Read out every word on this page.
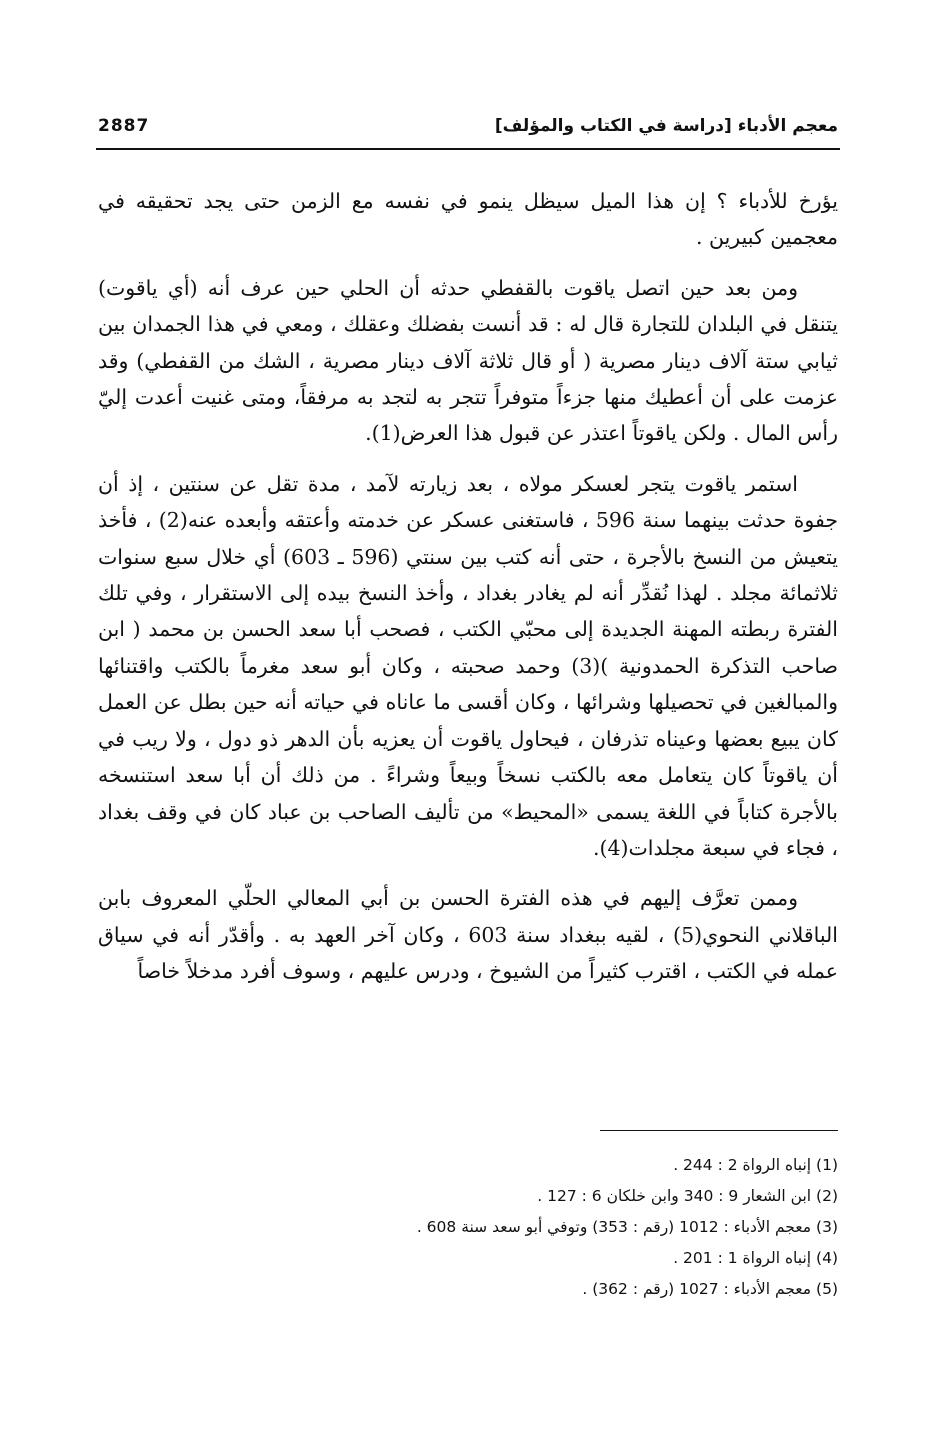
معجم الأدباء [دراسة في الكتاب والمؤلف]
2887

يؤرخ للأدباء ؟ إن هذا الميل سيظل ينمو في نفسه مع الزمن حتى يجد تحقيقه في معجمين كبيرين .

ومن بعد حين اتصل ياقوت بالقفطي حدثه أن الحلي حين عرف أنه (أي ياقوت) يتنقل في البلدان للتجارة قال له : قد أنست بفضلك وعقلك ، ومعي في هذا الجمدان بين ثيابي ستة آلاف دينار مصرية ( أو قال ثلاثة آلاف دينار مصرية ، الشك من القفطي) وقد عزمت على أن أعطيك منها جزءاً متوفراً تتجر به لتجد به مرفقاً، ومتى غنيت أعدت إليّ رأس المال . ولكن ياقوتاً اعتذر عن قبول هذا العرض(1).

استمر ياقوت يتجر لعسكر مولاه ، بعد زيارته لآمد ، مدة تقل عن سنتين ، إذ أن جفوة حدثت بينهما سنة 596 ، فاستغنى عسكر عن خدمته وأعتقه وأبعده عنه(2) ، فأخذ يتعيش من النسخ بالأجرة ، حتى أنه كتب بين سنتي (596 ـ 603) أي خلال سبع سنوات ثلاثمائة مجلد . لهذا نُقدِّر أنه لم يغادر بغداد ، وأخذ النسخ بيده إلى الاستقرار ، وفي تلك الفترة ربطته المهنة الجديدة إلى محبّي الكتب ، فصحب أبا سعد الحسن بن محمد ( ابن صاحب التذكرة الحمدونية )(3) وحمد صحبته ، وكان أبو سعد مغرماً بالكتب واقتنائها والمبالغين في تحصيلها وشرائها ، وكان أقسى ما عاناه في حياته أنه حين بطل عن العمل كان يبيع بعضها وعيناه تذرفان ، فيحاول ياقوت أن يعزيه بأن الدهر ذو دول ، ولا ريب في أن ياقوتاً كان يتعامل معه بالكتب نسخاً وبيعاً وشراءً . من ذلك أن أبا سعد استنسخه بالأجرة كتاباً في اللغة يسمى «المحيط» من تأليف الصاحب بن عباد كان في وقف بغداد ، فجاء في سبعة مجلدات(4).

وممن تعرَّف إليهم في هذه الفترة الحسن بن أبي المعالي الحلّي المعروف بابن الباقلاني النحوي(5) ، لقيه ببغداد سنة 603 ، وكان آخر العهد به . وأقدّر أنه في سياق عمله في الكتب ، اقترب كثيراً من الشيوخ ، ودرس عليهم ، وسوف أفرد مدخلاً خاصاً

(1) إنباه الرواة 2 : 244 .
(2) ابن الشعار 9 : 340 وابن خلكان 6 : 127 .
(3) معجم الأدباء : 1012 (رقم : 353) وتوفي أبو سعد سنة 608 .
(4) إنباه الرواة 1 : 201 .
(5) معجم الأدباء : 1027 (رقم : 362) .
